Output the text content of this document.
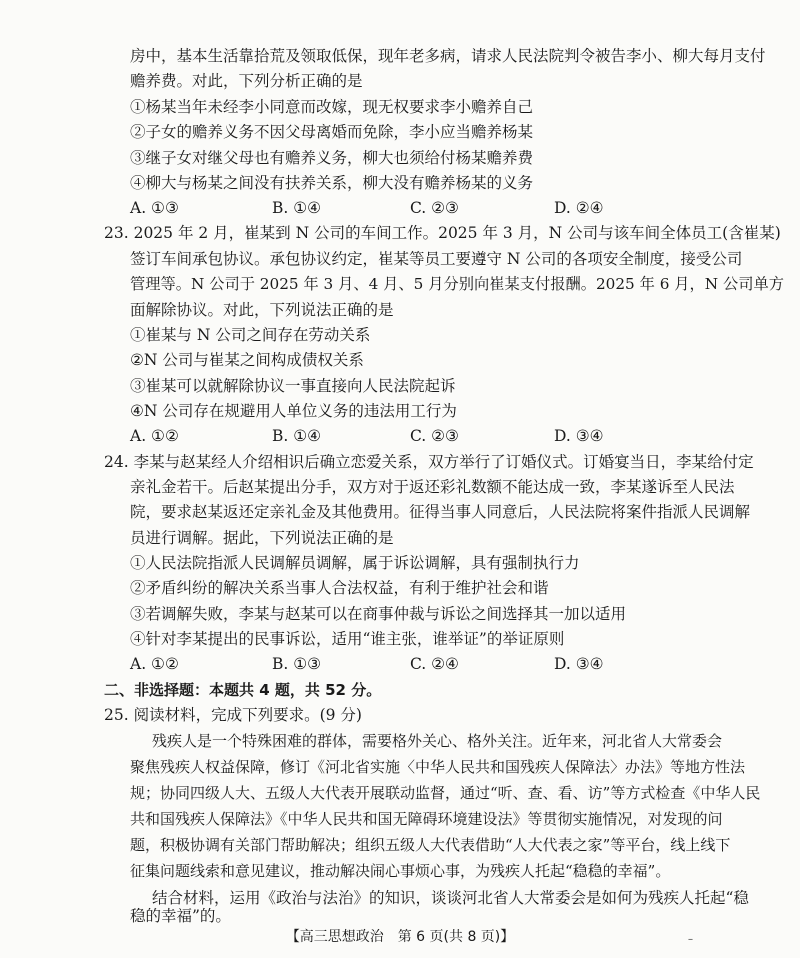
房中，基本生活靠拾荒及领取低保，现年老多病，请求人民法院判令被告李小、柳大每月支付
赡养费。对此，下列分析正确的是
①杨某当年未经李小同意而改嫁，现无权要求李小赡养自己
②子女的赡养义务不因父母离婚而免除，李小应当赡养杨某
③继子女对继父母也有赡养义务，柳大也须给付杨某赡养费
④柳大与杨某之间没有扶养关系，柳大没有赡养杨某的义务
A. ①③	B. ①④	C. ②③	D. ②④
23. 2025 年 2 月，崔某到 N 公司的车间工作。2025 年 3 月，N 公司与该车间全体员工(含崔某)
签订车间承包协议。承包协议约定，崔某等员工要遵守 N 公司的各项安全制度，接受公司
管理等。N 公司于 2025 年 3 月、4 月、5 月分别向崔某支付报酬。2025 年 6 月，N 公司单方
面解除协议。对此，下列说法正确的是
①崔某与 N 公司之间存在劳动关系
②N 公司与崔某之间构成债权关系
③崔某可以就解除协议一事直接向人民法院起诉
④N 公司存在规避用人单位义务的违法用工行为
A. ①②	B. ①④	C. ②③	D. ③④
24. 李某与赵某经人介绍相识后确立恋爱关系，双方举行了订婚仪式。订婚宴当日，李某给付定
亲礼金若干。后赵某提出分手，双方对于返还彩礼数额不能达成一致，李某遂诉至人民法
院，要求赵某返还定亲礼金及其他费用。征得当事人同意后，人民法院将案件指派人民调解
员进行调解。据此，下列说法正确的是
①人民法院指派人民调解员调解，属于诉讼调解，具有强制执行力
②矛盾纠纷的解决关系当事人合法权益，有利于维护社会和谐
③若调解失败，李某与赵某可以在商事仲裁与诉讼之间选择其一加以适用
④针对李某提出的民事诉讼，适用“谁主张，谁举证”的举证原则
A. ①②	B. ①③	C. ②④	D. ③④
二、非选择题：本题共 4 题，共 52 分。
25. 阅读材料，完成下列要求。(9 分)
残疾人是一个特殊困难的群体，需要格外关心、格外关注。近年来，河北省人大常委会
聚焦残疾人权益保障，修订《河北省实施〈中华人民共和国残疾人保障法〉办法》等地方性法
规；协同四级人大、五级人大代表开展联动监督，通过“听、查、看、访”等方式检查《中华人民
共和国残疾人保障法》《中华人民共和国无障碍环境建设法》等贯彻实施情况，对发现的问
题，积极协调有关部门帮助解决；组织五级人大代表借助“人大代表之家”等平台，线上线下
征集问题线索和意见建议，推动解决闹心事烦心事，为残疾人托起“稳稳的幸福”。
结合材料，运用《政治与法治》的知识，谈谈河北省人大常委会是如何为残疾人托起“稳
稳的幸福”的。
【高三思想政治　第 6 页(共 8 页)】	–
